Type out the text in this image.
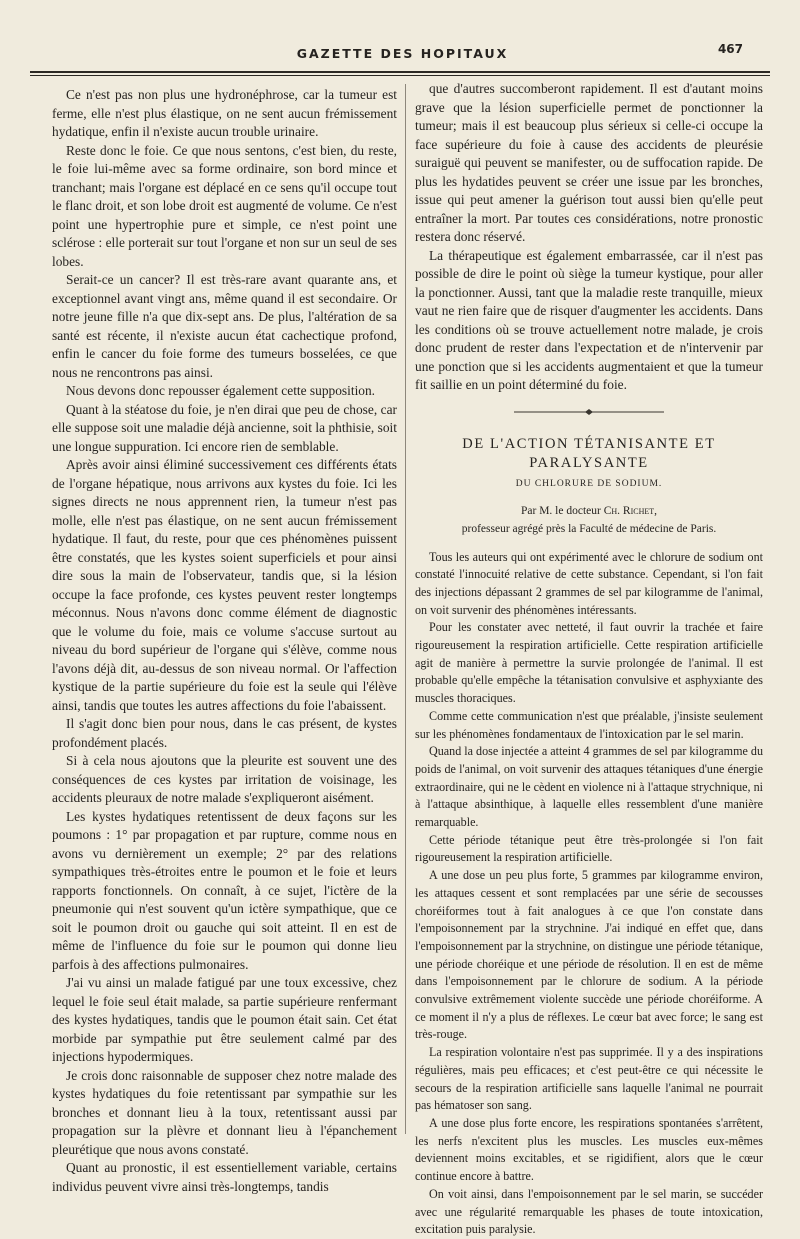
GAZETTE DES HOPITAUX	467

Ce n'est pas non plus une hydronéphrose, car la tumeur est ferme, elle n'est plus élastique, on ne sent aucun frémissement hydatique, enfin il n'existe aucun trouble urinaire.

Reste donc le foie. Ce que nous sentons, c'est bien, du reste, le foie lui-même avec sa forme ordinaire, son bord mince et tranchant; mais l'organe est déplacé en ce sens qu'il occupe tout le flanc droit, et son lobe droit est augmenté de volume. Ce n'est point une hypertrophie pure et simple, ce n'est point une sclérose : elle porterait sur tout l'organe et non sur un seul de ses lobes.

Serait-ce un cancer? Il est très-rare avant quarante ans, et exceptionnel avant vingt ans, même quand il est secondaire. Or notre jeune fille n'a que dix-sept ans. De plus, l'altération de sa santé est récente, il n'existe aucun état cachectique profond, enfin le cancer du foie forme des tumeurs bosselées, ce que nous ne rencontrons pas ainsi.

Nous devons donc repousser également cette supposition.

Quant à la stéatose du foie, je n'en dirai que peu de chose, car elle suppose soit une maladie déjà ancienne, soit la phthisie, soit une longue suppuration. Ici encore rien de semblable.

Après avoir ainsi éliminé successivement ces différents états de l'organe hépatique, nous arrivons aux kystes du foie. Ici les signes directs ne nous apprennent rien, la tumeur n'est pas molle, elle n'est pas élastique, on ne sent aucun frémissement hydatique. Il faut, du reste, pour que ces phénomènes puissent être constatés, que les kystes soient superficiels et pour ainsi dire sous la main de l'observateur, tandis que, si la lésion occupe la face profonde, ces kystes peuvent rester longtemps méconnus. Nous n'avons donc comme élément de diagnostic que le volume du foie, mais ce volume s'accuse surtout au niveau du bord supérieur de l'organe qui s'élève, comme nous l'avons déjà dit, au-dessus de son niveau normal. Or l'affection kystique de la partie supérieure du foie est la seule qui l'élève ainsi, tandis que toutes les autres affections du foie l'abaissent.

Il s'agit donc bien pour nous, dans le cas présent, de kystes profondément placés.

Si à cela nous ajoutons que la pleurite est souvent une des conséquences de ces kystes par irritation de voisinage, les accidents pleuraux de notre malade s'expliqueront aisément.

Les kystes hydatiques retentissent de deux façons sur les poumons : 1° par propagation et par rupture, comme nous en avons vu dernièrement un exemple; 2° par des relations sympathiques très-étroites entre le poumon et le foie et leurs rapports fonctionnels. On connaît, à ce sujet, l'ictère de la pneumonie qui n'est souvent qu'un ictère sympathique, que ce soit le poumon droit ou gauche qui soit atteint. Il en est de même de l'influence du foie sur le poumon qui donne lieu parfois à des affections pulmonaires.

J'ai vu ainsi un malade fatigué par une toux excessive, chez lequel le foie seul était malade, sa partie supérieure renfermant des kystes hydatiques, tandis que le poumon était sain. Cet état morbide par sympathie put être seulement calmé par des injections hypodermiques.

Je crois donc raisonnable de supposer chez notre malade des kystes hydatiques du foie retentissant par sympathie sur les bronches et donnant lieu à la toux, retentissant aussi par propagation sur la plèvre et donnant lieu à l'épanchement pleurétique que nous avons constaté.

Quant au pronostic, il est essentiellement variable, certains individus peuvent vivre ainsi très-longtemps, tandis

que d'autres succomberont rapidement. Il est d'autant moins grave que la lésion superficielle permet de ponctionner la tumeur; mais il est beaucoup plus sérieux si celle-ci occupe la face supérieure du foie à cause des accidents de pleurésie suraiguë qui peuvent se manifester, ou de suffocation rapide. De plus les hydatides peuvent se créer une issue par les bronches, issue qui peut amener la guérison tout aussi bien qu'elle peut entraîner la mort. Par toutes ces considérations, notre pronostic restera donc réservé.

La thérapeutique est également embarrassée, car il n'est pas possible de dire le point où siège la tumeur kystique, pour aller la ponctionner. Aussi, tant que la maladie reste tranquille, mieux vaut ne rien faire que de risquer d'augmenter les accidents. Dans les conditions où se trouve actuellement notre malade, je crois donc prudent de rester dans l'expectation et de n'intervenir par une ponction que si les accidents augmentaient et que la tumeur fit saillie en un point déterminé du foie.

DE L'ACTION TÉTANISANTE ET PARALYSANTE
DU CHLORURE DE SODIUM.
Par M. le docteur Ch. Richet,
professeur agrégé près la Faculté de médecine de Paris.

Tous les auteurs qui ont expérimenté avec le chlorure de sodium ont constaté l'innocuité relative de cette substance. Cependant, si l'on fait des injections dépassant 2 grammes de sel par kilogramme de l'animal, on voit survenir des phénomènes intéressants.

Pour les constater avec netteté, il faut ouvrir la trachée et faire rigoureusement la respiration artificielle. Cette respiration artificielle agit de manière à permettre la survie prolongée de l'animal. Il est probable qu'elle empêche la tétanisation convulsive et asphyxiante des muscles thoraciques.

Comme cette communication n'est que préalable, j'insiste seulement sur les phénomènes fondamentaux de l'intoxication par le sel marin.

Quand la dose injectée a atteint 4 grammes de sel par kilogramme du poids de l'animal, on voit survenir des attaques tétaniques d'une énergie extraordinaire, qui ne le cèdent en violence ni à l'attaque strychnique, ni à l'attaque absinthique, à laquelle elles ressemblent d'une manière remarquable.

Cette période tétanique peut être très-prolongée si l'on fait rigoureusement la respiration artificielle.

A une dose un peu plus forte, 5 grammes par kilogramme environ, les attaques cessent et sont remplacées par une série de secousses choréiformes tout à fait analogues à ce que l'on constate dans l'empoisonnement par la strychnine. J'ai indiqué en effet que, dans l'empoisonnement par la strychnine, on distingue une période tétanique, une période choréique et une période de résolution. Il en est de même dans l'empoisonnement par le chlorure de sodium. A la période convulsive extrêmement violente succède une période choréiforme. A ce moment il n'y a plus de réflexes. Le cœur bat avec force; le sang est très-rouge.

La respiration volontaire n'est pas supprimée. Il y a des inspirations régulières, mais peu efficaces; et c'est peut-être ce qui nécessite le secours de la respiration artificielle sans laquelle l'animal ne pourrait pas hématoser son sang.

A une dose plus forte encore, les respirations spontanées s'arrêtent, les nerfs n'excitent plus les muscles. Les muscles eux-mêmes deviennent moins excitables, et se rigidifient, alors que le cœur continue encore à battre.

On voit ainsi, dans l'empoisonnement par le sel marin, se succéder avec une régularité remarquable les phases de toute intoxication, excitation puis paralysie.
